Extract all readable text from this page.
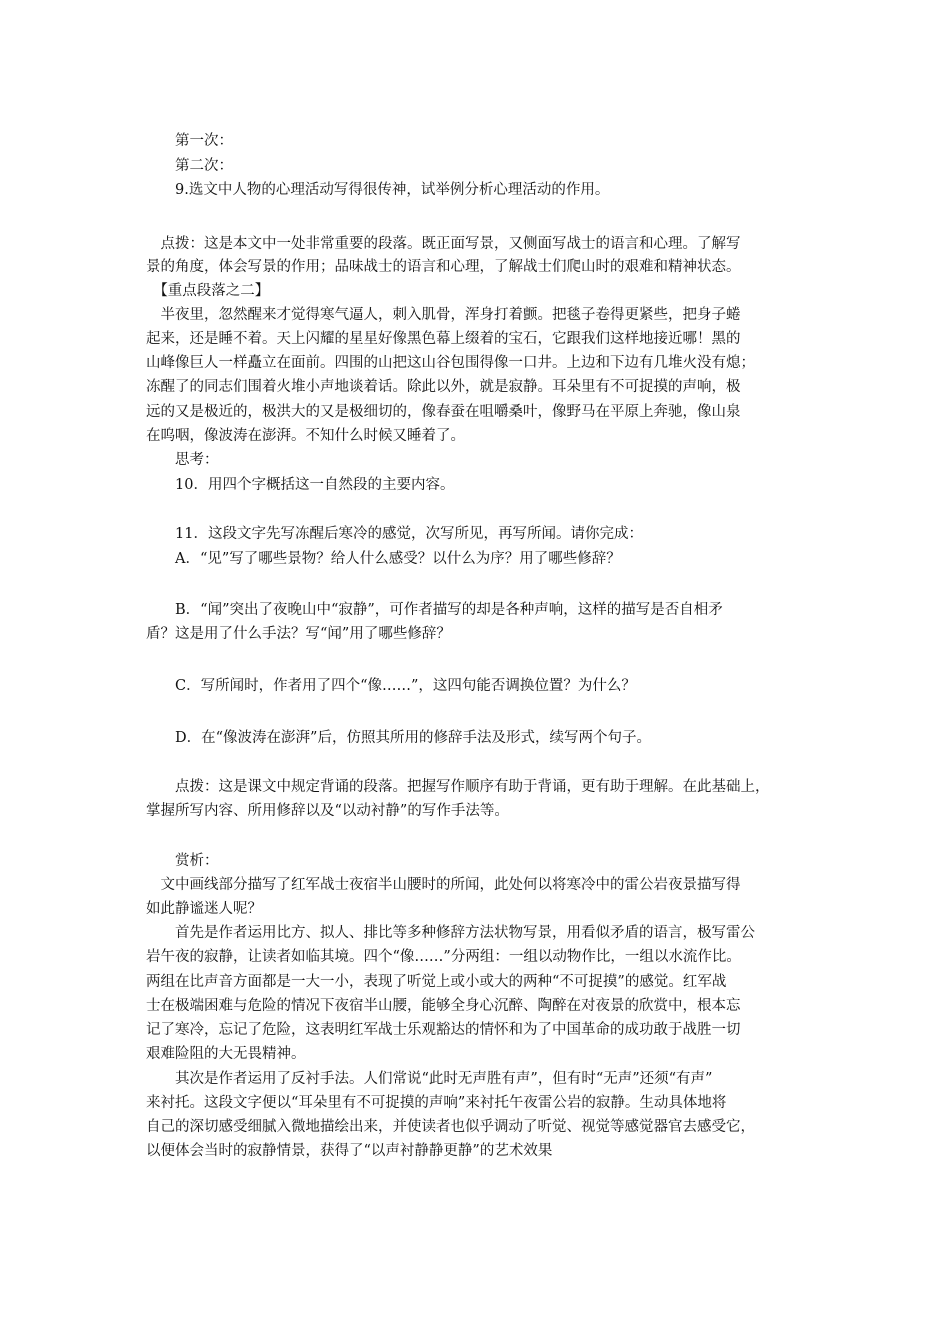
　　第一次：
　　第二次：
　　9.选文中人物的心理活动写得很传神，试举例分析心理活动的作用。
　点拨：这是本文中一处非常重要的段落。既正面写景，又侧面写战士的语言和心理。了解写
景的角度，体会写景的作用；品味战士的语言和心理，了解战士们爬山时的艰难和精神状态。
　【重点段落之二】
　半夜里，忽然醒来才觉得寒气逼人，刺入肌骨，浑身打着颤。把毯子卷得更紧些，把身子蜷
起来，还是睡不着。天上闪耀的星星好像黑色幕上缀着的宝石，它跟我们这样地接近哪！黑的
山峰像巨人一样矗立在面前。四围的山把这山谷包围得像一口井。上边和下边有几堆火没有熄；
冻醒了的同志们围着火堆小声地谈着话。除此以外，就是寂静。耳朵里有不可捉摸的声响，极
远的又是极近的，极洪大的又是极细切的，像春蚕在咀嚼桑叶，像野马在平原上奔驰，像山泉
在呜咽，像波涛在澎湃。不知什么时候又睡着了。
　　思考：
　　10．用四个字概括这一自然段的主要内容。
　　11．这段文字先写冻醒后寒冷的感觉，次写所见，再写所闻。请你完成：
　　A．“见”写了哪些景物？给人什么感受？以什么为序？用了哪些修辞？
　　B．“闻”突出了夜晚山中“寂静”，可作者描写的却是各种声响，这样的描写是否自相矛
盾？这是用了什么手法？写“闻”用了哪些修辞？
　　C．写所闻时，作者用了四个“像……”，这四句能否调换位置？为什么？
　　D．在“像波涛在澎湃”后，仿照其所用的修辞手法及形式，续写两个句子。
　　点拨：这是课文中规定背诵的段落。把握写作顺序有助于背诵，更有助于理解。在此基础上，
掌握所写内容、所用修辞以及“以动衬静”的写作手法等。
　　赏析：
　文中画线部分描写了红军战士夜宿半山腰时的所闻，此处何以将寒冷中的雷公岩夜景描写得
如此静谧迷人呢？
　　首先是作者运用比方、拟人、排比等多种修辞方法状物写景，用看似矛盾的语言，极写雷公
岩午夜的寂静，让读者如临其境。四个“像……”分两组：一组以动物作比，一组以水流作比。
两组在比声音方面都是一大一小，表现了听觉上或小或大的两种“不可捉摸”的感觉。红军战
士在极端困难与危险的情况下夜宿半山腰，能够全身心沉醉、陶醉在对夜景的欣赏中，根本忘
记了寒冷，忘记了危险，这表明红军战士乐观豁达的情怀和为了中国革命的成功敢于战胜一切
艰难险阻的大无畏精神。
　　其次是作者运用了反衬手法。人们常说“此时无声胜有声”，但有时“无声”还须“有声”
来衬托。这段文字便以“耳朵里有不可捉摸的声响”来衬托午夜雷公岩的寂静。生动具体地将
自己的深切感受细腻入微地描绘出来，并使读者也似乎调动了听觉、视觉等感觉器官去感受它，
以便体会当时的寂静情景，获得了“以声衬静静更静”的艺术效果
